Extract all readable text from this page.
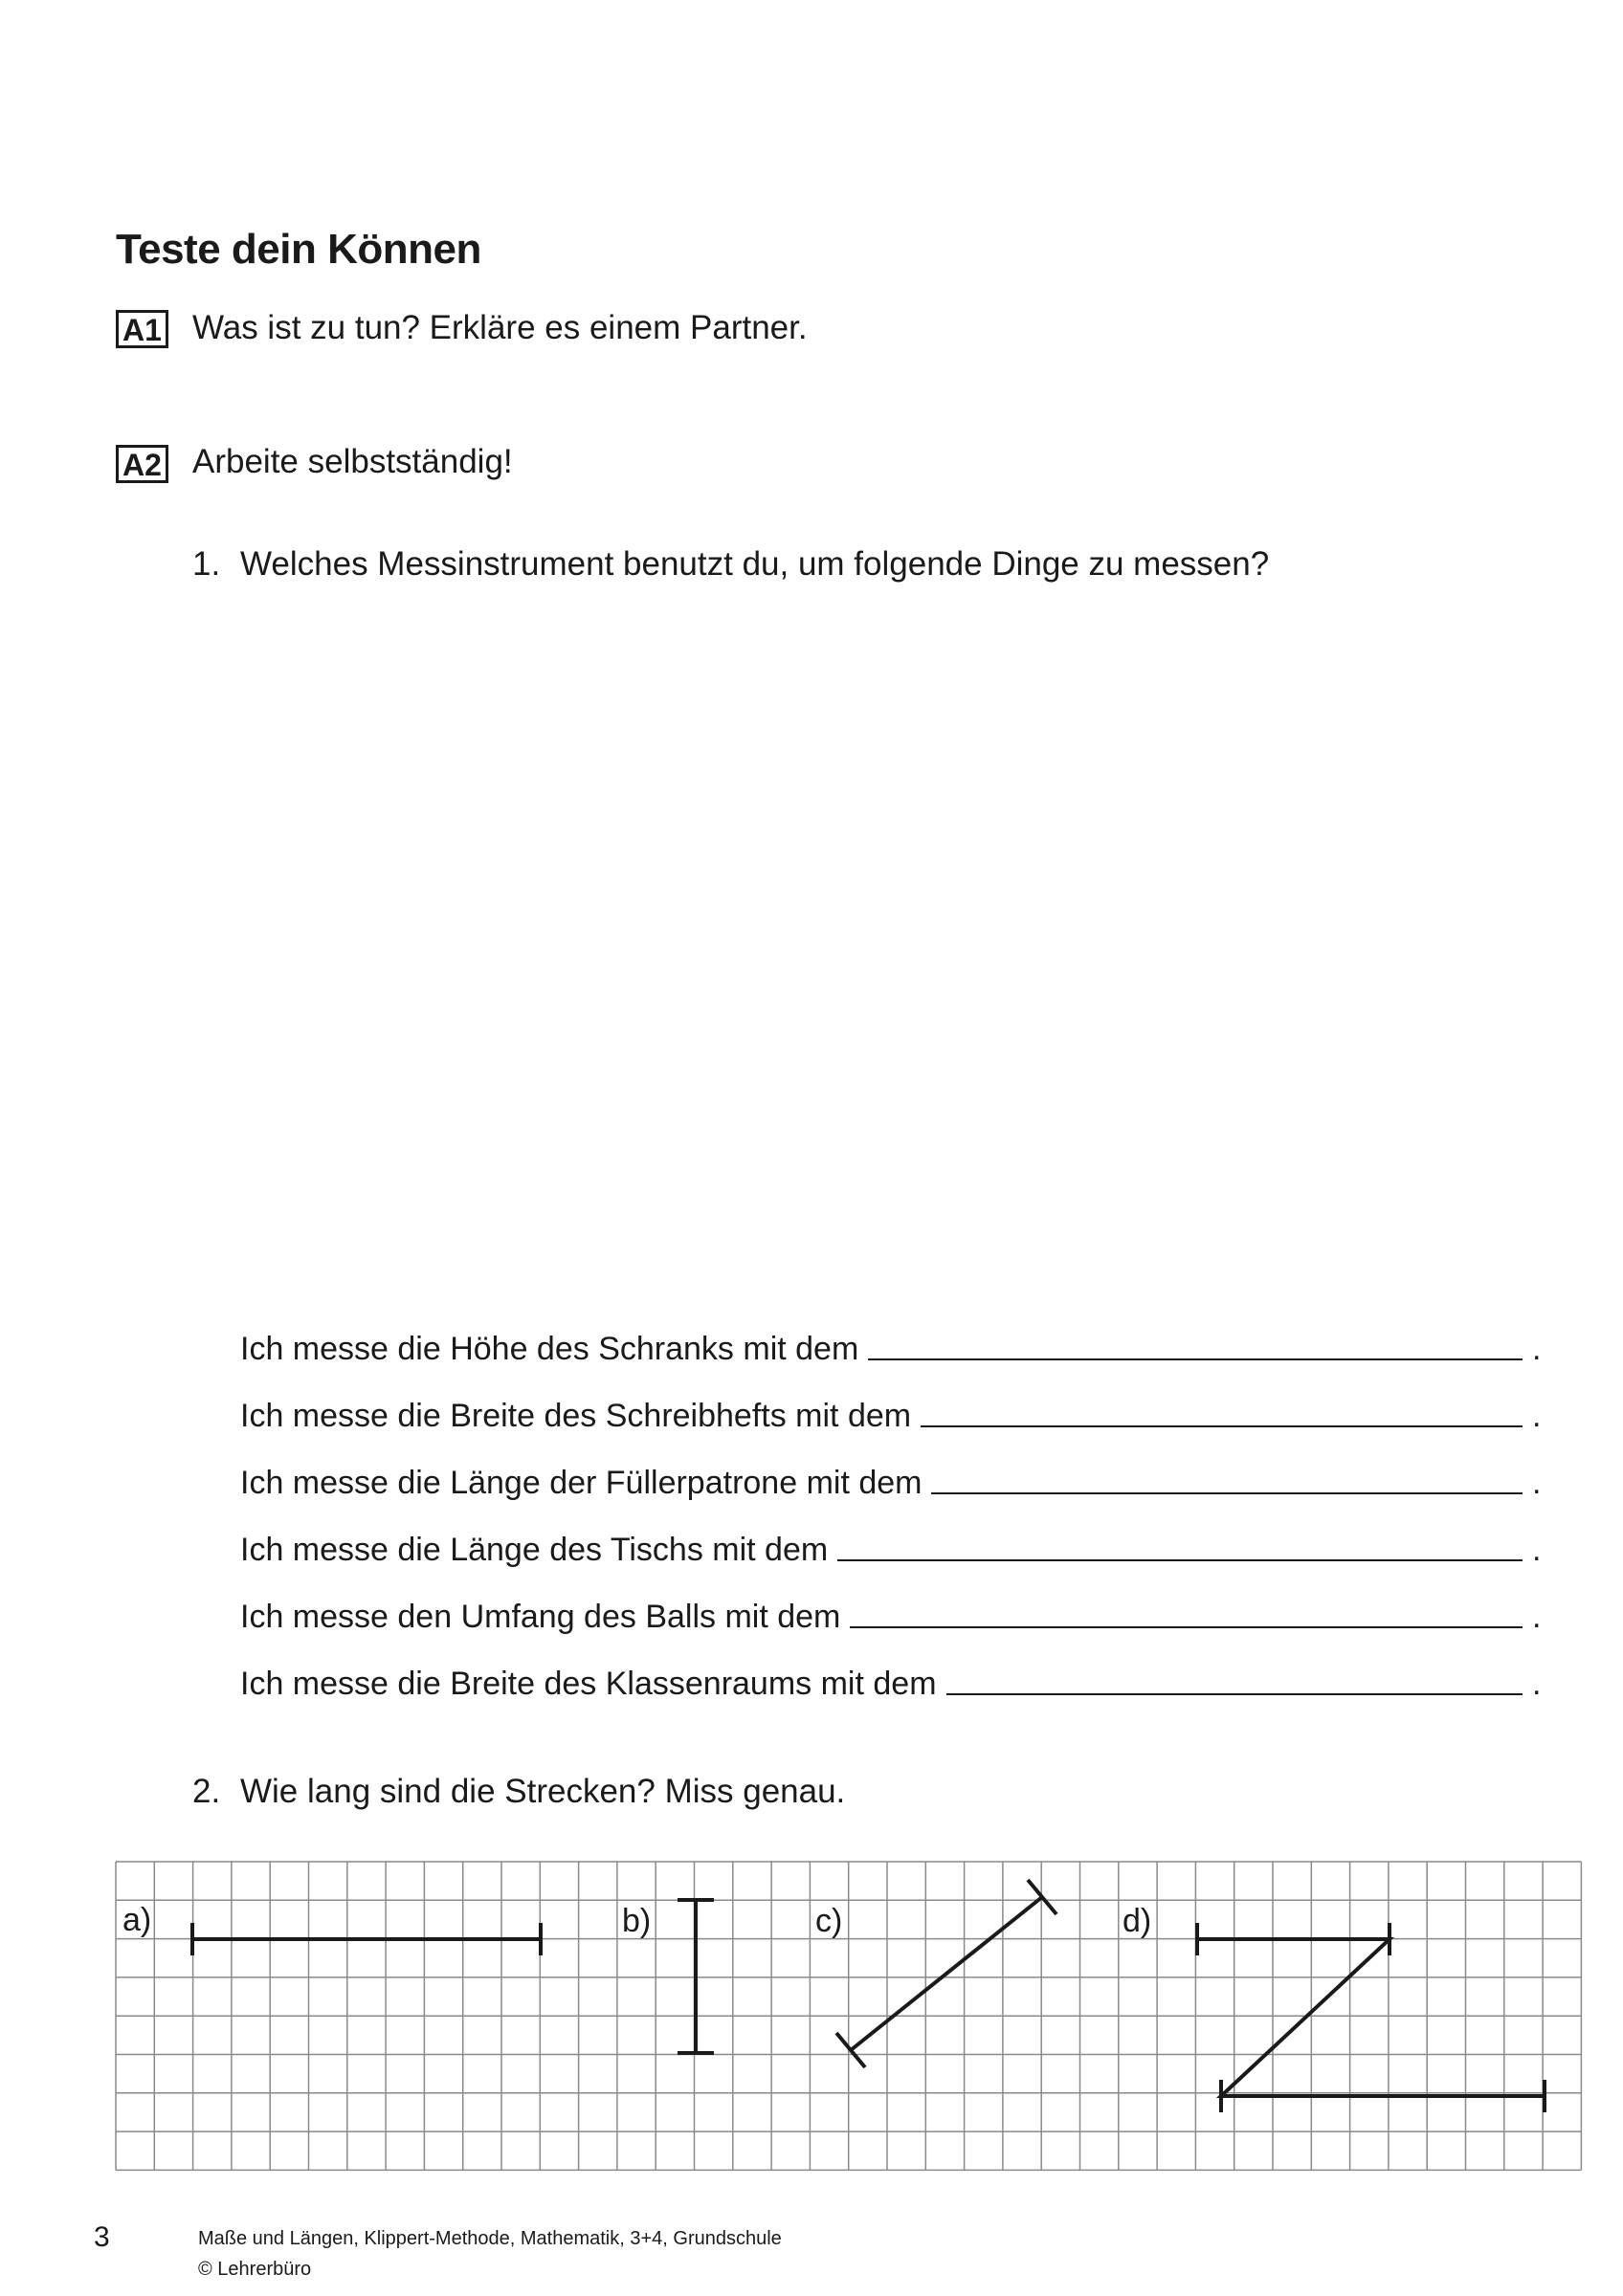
Teste dein Können
A1 Was ist zu tun? Erkläre es einem Partner.
A2 Arbeite selbstständig!
1. Welches Messinstrument benutzt du, um folgende Dinge zu messen?
Ich messe die Höhe des Schranks mit dem	.
Ich messe die Breite des Schreibhefts mit dem	.
Ich messe die Länge der Füllerpatrone mit dem	.
Ich messe die Länge des Tischs mit dem	.
Ich messe den Umfang des Balls mit dem	.
Ich messe die Breite des Klassenraums mit dem	.
2. Wie lang sind die Strecken? Miss genau.
a)	b)	c)	d)
3	Maße und Längen, Klippert-Methode, Mathematik, 3+4, Grundschule
© Lehrerbüro
